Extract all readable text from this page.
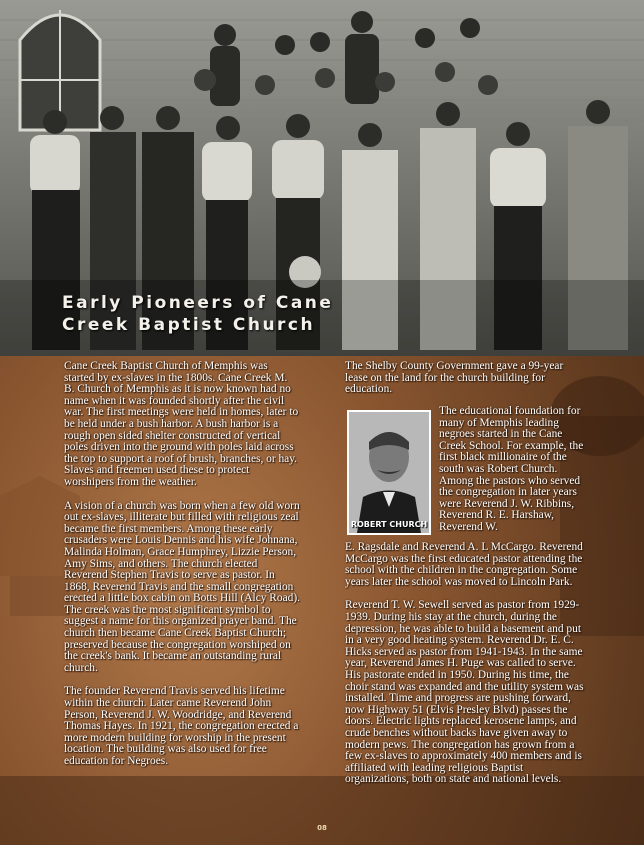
Early Pioneers of Cane
Creek Baptist Church

Cane Creek Baptist Church of Memphis was started by ex-slaves in the 1800s. Cane Creek M. B. Church of Memphis as it is now known had no name when it was founded shortly after the civil war. The first meetings were held in homes, later to be held under a bush harbor. A bush harbor is a rough open sided shelter constructed of vertical poles driven into the ground with poles laid across the top to support a roof of brush, branches, or hay. Slaves and freemen used these to protect worshipers from the weather.

A vision of a church was born when a few old worn out ex-slaves, illiterate but filled with religious zeal became the first members. Among these early crusaders were Louis Dennis and his wife Johnana, Malinda Holman, Grace Humphrey, Lizzie Person, Amy Sims, and others. The church elected Reverend Stephen Travis to serve as pastor. In 1868, Reverend Travis and the small congregation erected a little box cabin on Botts Hill (Alcy Road). The creek was the most significant symbol to suggest a name for this organized prayer band. The church then became Cane Creek Baptist Church; preserved because the congregation worshiped on the creek's bank. It became an outstanding rural church.

The founder Reverend Travis served his lifetime within the church. Later came Reverend John Person, Reverend J. W. Woodridge, and Reverend Thomas Hayes. In 1921, the congregation erected a more modern building for worship in the present location. The building was also used for free education for Negroes.

The Shelby County Government gave a 99-year lease on the land for the church building for education.

ROBERT CHURCH

The educational foundation for many of Memphis leading negroes started in the Cane Creek School. For example, the first black millionaire of the south was Robert Church. Among the pastors who served the congregation in later years were Reverend J. W. Ribbins, Reverend R. E. Harshaw, Reverend W.

E. Ragsdale and Reverend A. L McCargo. Reverend McCargo was the first educated pastor attending the school with the children in the congregation. Some years later the school was moved to Lincoln Park.

Reverend T. W. Sewell served as pastor from 1929-1939. During his stay at the church, during the depression, he was able to build a basement and put in a very good heating system. Reverend Dr. E. C. Hicks served as pastor from 1941-1943. In the same year, Reverend James H. Puge was called to serve. His pastorate ended in 1950. During his time, the choir stand was expanded and the utility system was installed. Time and progress are pushing forward, now Highway 51 (Elvis Presley Blvd) passes the doors. Electric lights replaced kerosene lamps, and crude benches without backs have given away to modern pews. The congregation has grown from a few ex-slaves to approximately 400 members and is affiliated with leading religious Baptist organizations, both on state and national levels.

08
